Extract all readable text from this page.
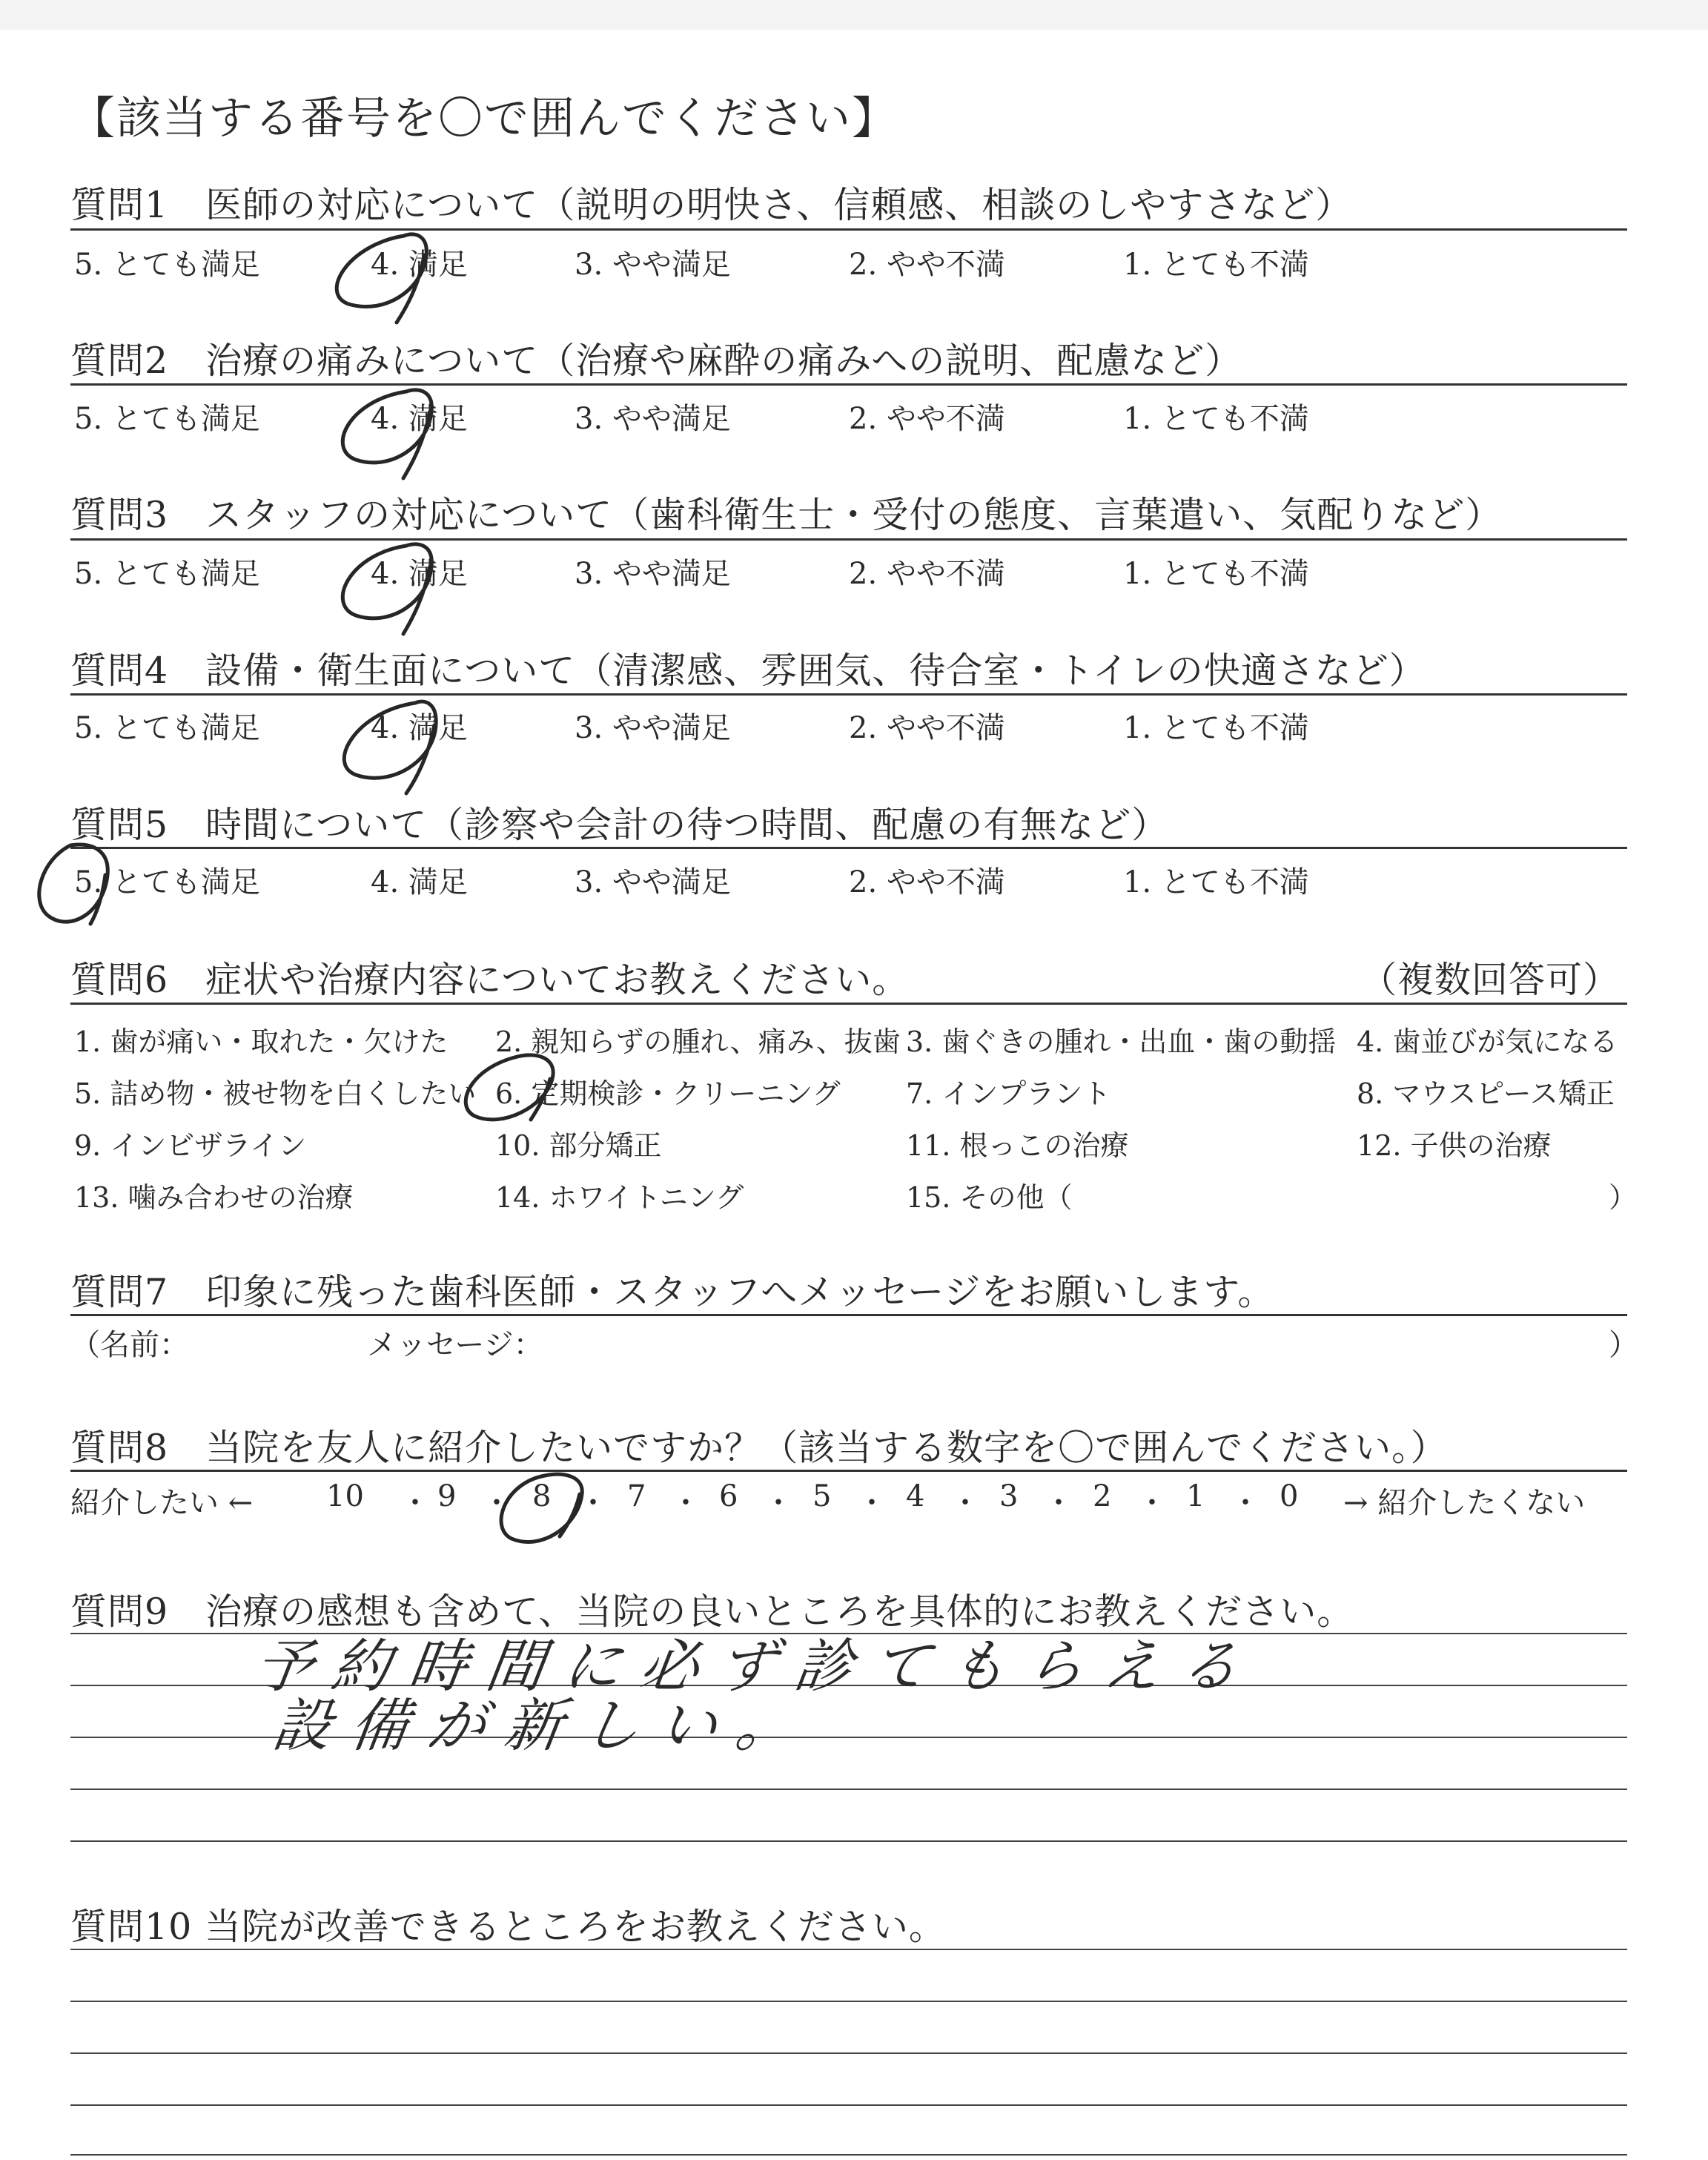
【該当する番号を〇で囲んでください】
質問1　医師の対応について（説明の明快さ、信頼感、相談のしやすさなど）
5. とても満足	4. 満足	3. やや満足	2. やや不満	1. とても不満
質問2　治療の痛みについて（治療や麻酔の痛みへの説明、配慮など）
5. とても満足	4. 満足	3. やや満足	2. やや不満	1. とても不満
質問3　スタッフの対応について（歯科衛生士・受付の態度、言葉遣い、気配りなど）
5. とても満足	4. 満足	3. やや満足	2. やや不満	1. とても不満
質問4　設備・衛生面について（清潔感、雰囲気、待合室・トイレの快適さなど）
5. とても満足	4. 満足	3. やや満足	2. やや不満	1. とても不満
質問5　時間について（診察や会計の待つ時間、配慮の有無など）
5. とても満足	4. 満足	3. やや満足	2. やや不満	1. とても不満
質問6　症状や治療内容についてお教えください。	（複数回答可）
1. 歯が痛い・取れた・欠けた 2. 親知らずの腫れ、痛み、抜歯 3. 歯ぐきの腫れ・出血・歯の動揺 4. 歯並びが気になる
5. 詰め物・被せ物を白くしたい 6. 定期検診・クリーニング 7. インプラント	8. マウスピース矯正
9. インビザライン	10. 部分矯正	11. 根っこの治療	12. 子供の治療
13. 噛み合わせの治療	14. ホワイトニング	15. その他（	）
質問7　印象に残った歯科医師・スタッフへメッセージをお願いします。
（名前：	メッセージ：	）
質問8　当院を友人に紹介したいですか？（該当する数字を〇で囲んでください。）
紹介したい ←	→ 紹介したくない
10 ・ 9 ・ 8 ・ 7 ・ 6 ・ 5 ・ 4 ・ 3 ・ 2 ・ 1 ・ 0
質問9　治療の感想も含めて、当院の良いところを具体的にお教えください。
予約時間に必ず診てもらえる
設備が新しい。
質問10 当院が改善できるところをお教えください。
